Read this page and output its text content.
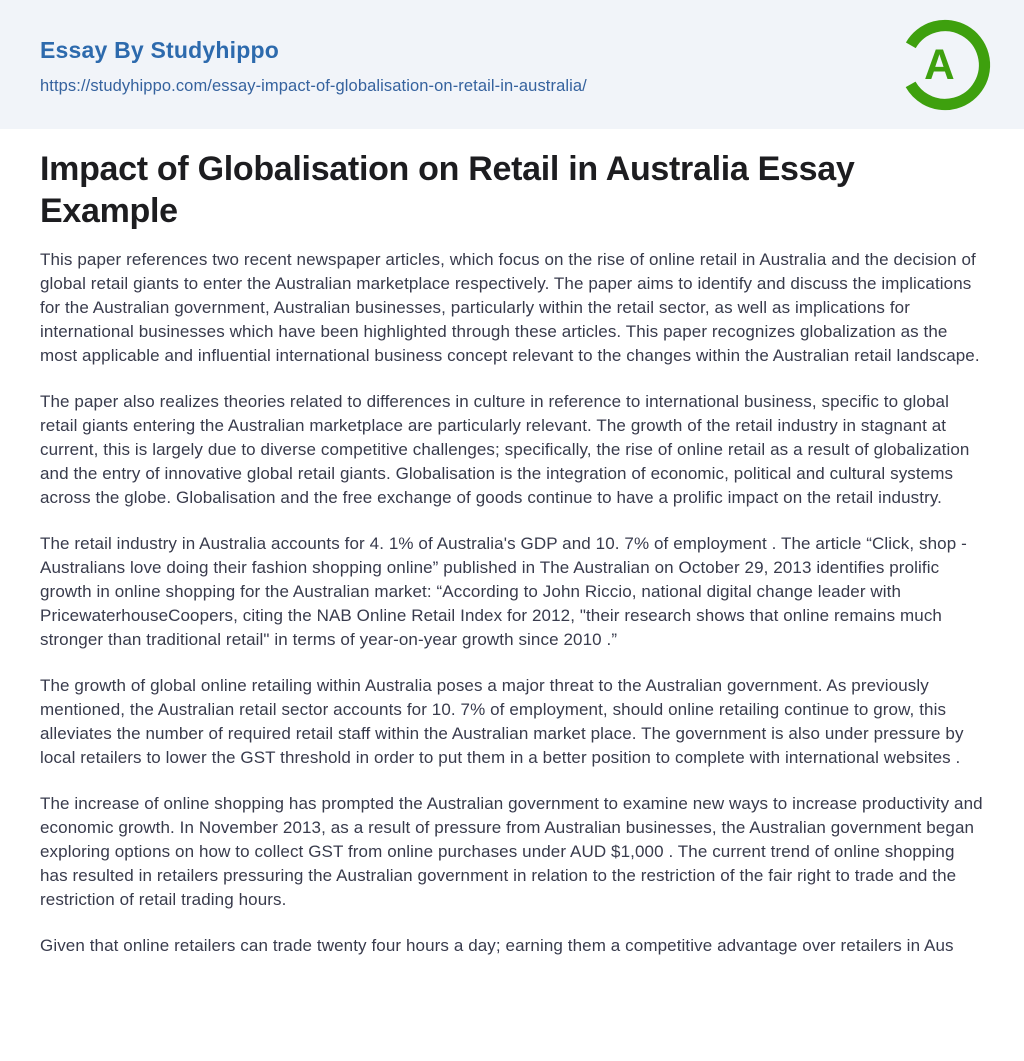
Essay By Studyhippo
https://studyhippo.com/essay-impact-of-globalisation-on-retail-in-australia/	A
Impact of Globalisation on Retail in Australia Essay Example

This paper references two recent newspaper articles, which focus on the rise of online retail in Australia and the decision of global retail giants to enter the Australian marketplace respectively. The paper aims to identify and discuss the implications for the Australian government, Australian businesses, particularly within the retail sector, as well as implications for international businesses which have been highlighted through these articles. This paper recognizes globalization as the most applicable and influential international business concept relevant to the changes within the Australian retail landscape.

The paper also realizes theories related to differences in culture in reference to international business, specific to global retail giants entering the Australian marketplace are particularly relevant. The growth of the retail industry in stagnant at current, this is largely due to diverse competitive challenges; specifically, the rise of online retail as a result of globalization and the entry of innovative global retail giants. Globalisation is the integration of economic, political and cultural systems across the globe. Globalisation and the free exchange of goods continue to have a prolific impact on the retail industry.

The retail industry in Australia accounts for 4. 1% of Australia's GDP and 10. 7% of employment . The article “Click, shop - Australians love doing their fashion shopping online” published in The Australian on October 29, 2013 identifies prolific growth in online shopping for the Australian market: “According to John Riccio, national digital change leader with PricewaterhouseCoopers, citing the NAB Online Retail Index for 2012, "their research shows that online remains much stronger than traditional retail" in terms of year-on-year growth since 2010 .”

The growth of global online retailing within Australia poses a major threat to the Australian government. As previously mentioned, the Australian retail sector accounts for 10. 7% of employment, should online retailing continue to grow, this alleviates the number of required retail staff within the Australian market place. The government is also under pressure by local retailers to lower the GST threshold in order to put them in a better position to complete with international websites .

The increase of online shopping has prompted the Australian government to examine new ways to increase productivity and economic growth. In November 2013, as a result of pressure from Australian businesses, the Australian government began exploring options on how to collect GST from online purchases under AUD $1,000 . The current trend of online shopping has resulted in retailers pressuring the Australian government in relation to the restriction of the fair right to trade and the restriction of retail trading hours.

Given that online retailers can trade twenty four hours a day; earning them a competitive advantage over retailers in Aus
